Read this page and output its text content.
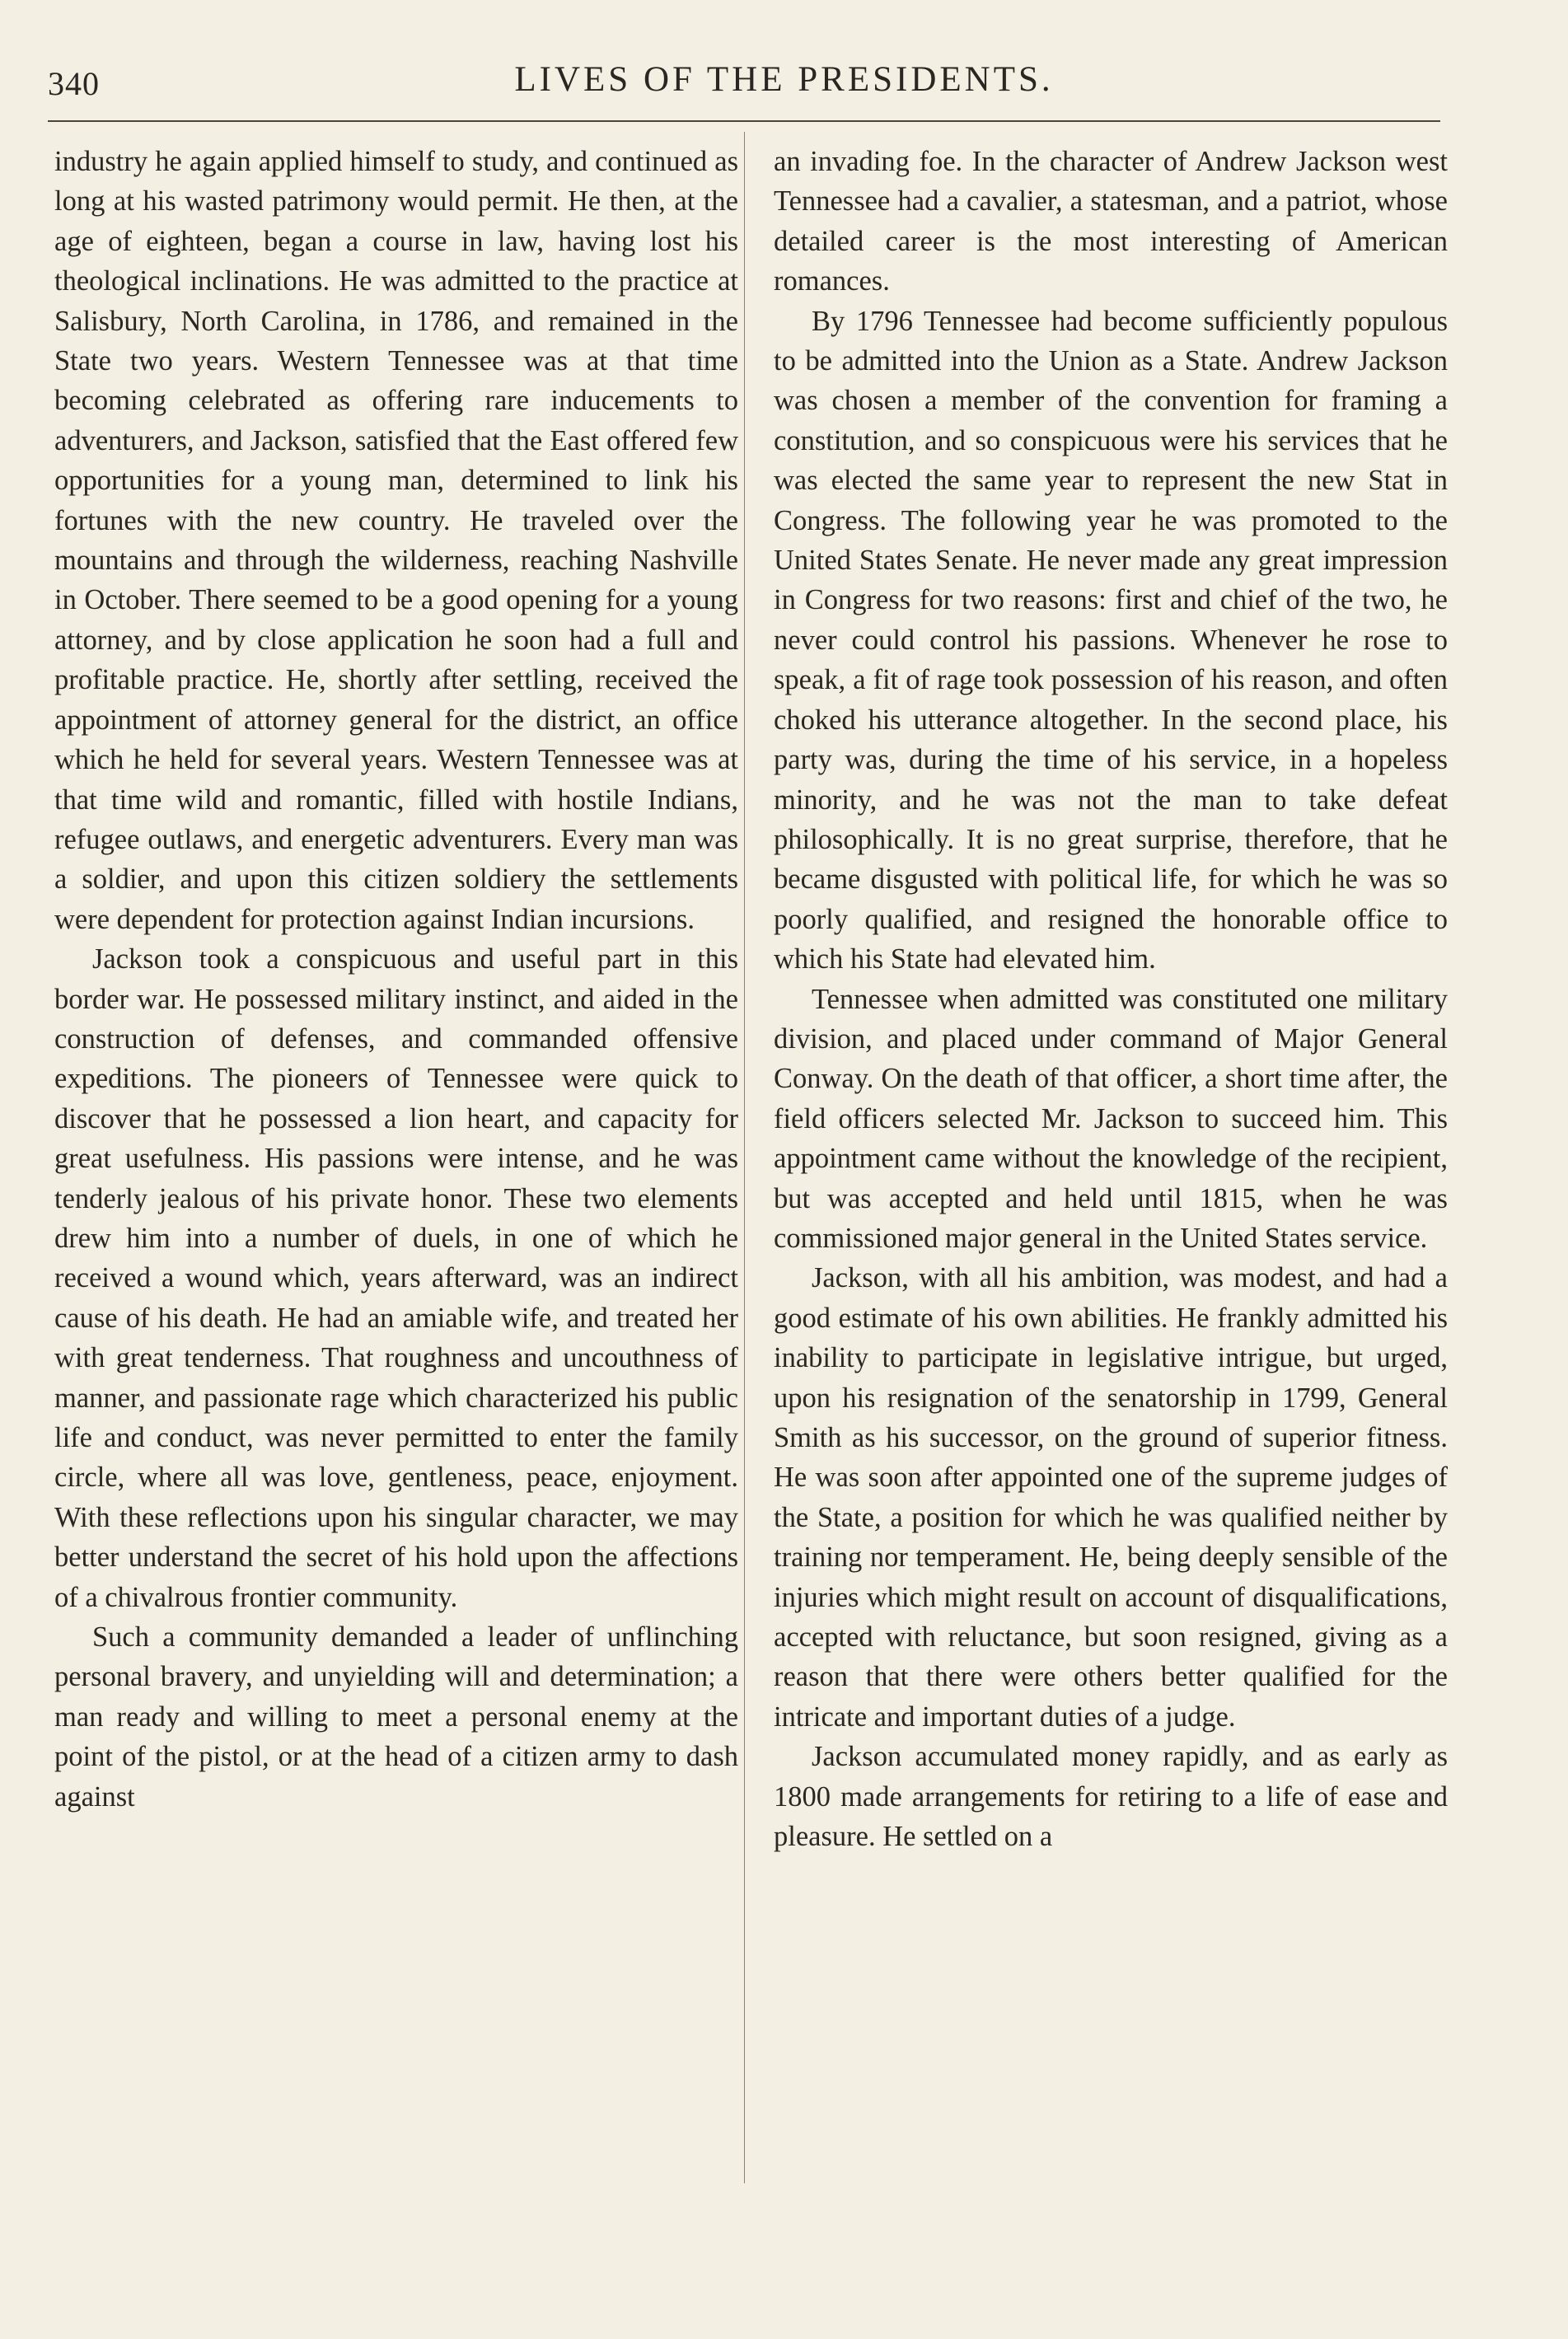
340	LIVES OF THE PRESIDENTS.

industry he again applied himself to study, and continued as long at his wasted patrimony would permit. He then, at the age of eighteen, began a course in law, having lost his theological inclinations. He was admitted to the practice at Salisbury, North Carolina, in 1786, and remained in the State two years. Western Tennessee was at that time becoming celebrated as offering rare inducements to adventurers, and Jackson, satisfied that the East offered few opportunities for a young man, determined to link his fortunes with the new country. He traveled over the mountains and through the wilderness, reaching Nashville in October. There seemed to be a good opening for a young attorney, and by close application he soon had a full and profitable practice. He, shortly after settling, received the appointment of attorney general for the district, an office which he held for several years. Western Tennessee was at that time wild and romantic, filled with hostile Indians, refugee outlaws, and energetic adventurers. Every man was a soldier, and upon this citizen soldiery the settlements were dependent for protection against Indian incursions.

Jackson took a conspicuous and useful part in this border war. He possessed military instinct, and aided in the construction of defenses, and commanded offensive expeditions. The pioneers of Tennessee were quick to discover that he possessed a lion heart, and capacity for great usefulness. His passions were intense, and he was tenderly jealous of his private honor. These two elements drew him into a number of duels, in one of which he received a wound which, years afterward, was an indirect cause of his death. He had an amiable wife, and treated her with great tenderness. That roughness and uncouthness of manner, and passionate rage which characterized his public life and conduct, was never permitted to enter the family circle, where all was love, gentleness, peace, enjoyment. With these reflections upon his singular character, we may better understand the secret of his hold upon the affections of a chivalrous frontier community.

Such a community demanded a leader of unflinching personal bravery, and unyielding will and determination; a man ready and willing to meet a personal enemy at the point of the pistol, or at the head of a citizen army to dash against

an invading foe. In the character of Andrew Jackson west Tennessee had a cavalier, a statesman, and a patriot, whose detailed career is the most interesting of American romances.

By 1796 Tennessee had become sufficiently populous to be admitted into the Union as a State. Andrew Jackson was chosen a member of the convention for framing a constitution, and so conspicuous were his services that he was elected the same year to represent the new Stat in Congress. The following year he was promoted to the United States Senate. He never made any great impression in Congress for two reasons: first and chief of the two, he never could control his passions. Whenever he rose to speak, a fit of rage took possession of his reason, and often choked his utterance altogether. In the second place, his party was, during the time of his service, in a hopeless minority, and he was not the man to take defeat philosophically. It is no great surprise, therefore, that he became disgusted with political life, for which he was so poorly qualified, and resigned the honorable office to which his State had elevated him.

Tennessee when admitted was constituted one military division, and placed under command of Major General Conway. On the death of that officer, a short time after, the field officers selected Mr. Jackson to succeed him. This appointment came without the knowledge of the recipient, but was accepted and held until 1815, when he was commissioned major general in the United States service.

Jackson, with all his ambition, was modest, and had a good estimate of his own abilities. He frankly admitted his inability to participate in legislative intrigue, but urged, upon his resignation of the senatorship in 1799, General Smith as his successor, on the ground of superior fitness. He was soon after appointed one of the supreme judges of the State, a position for which he was qualified neither by training nor temperament. He, being deeply sensible of the injuries which might result on account of disqualifications, accepted with reluctance, but soon resigned, giving as a reason that there were others better qualified for the intricate and important duties of a judge.

Jackson accumulated money rapidly, and as early as 1800 made arrangements for retiring to a life of ease and pleasure. He settled on a
